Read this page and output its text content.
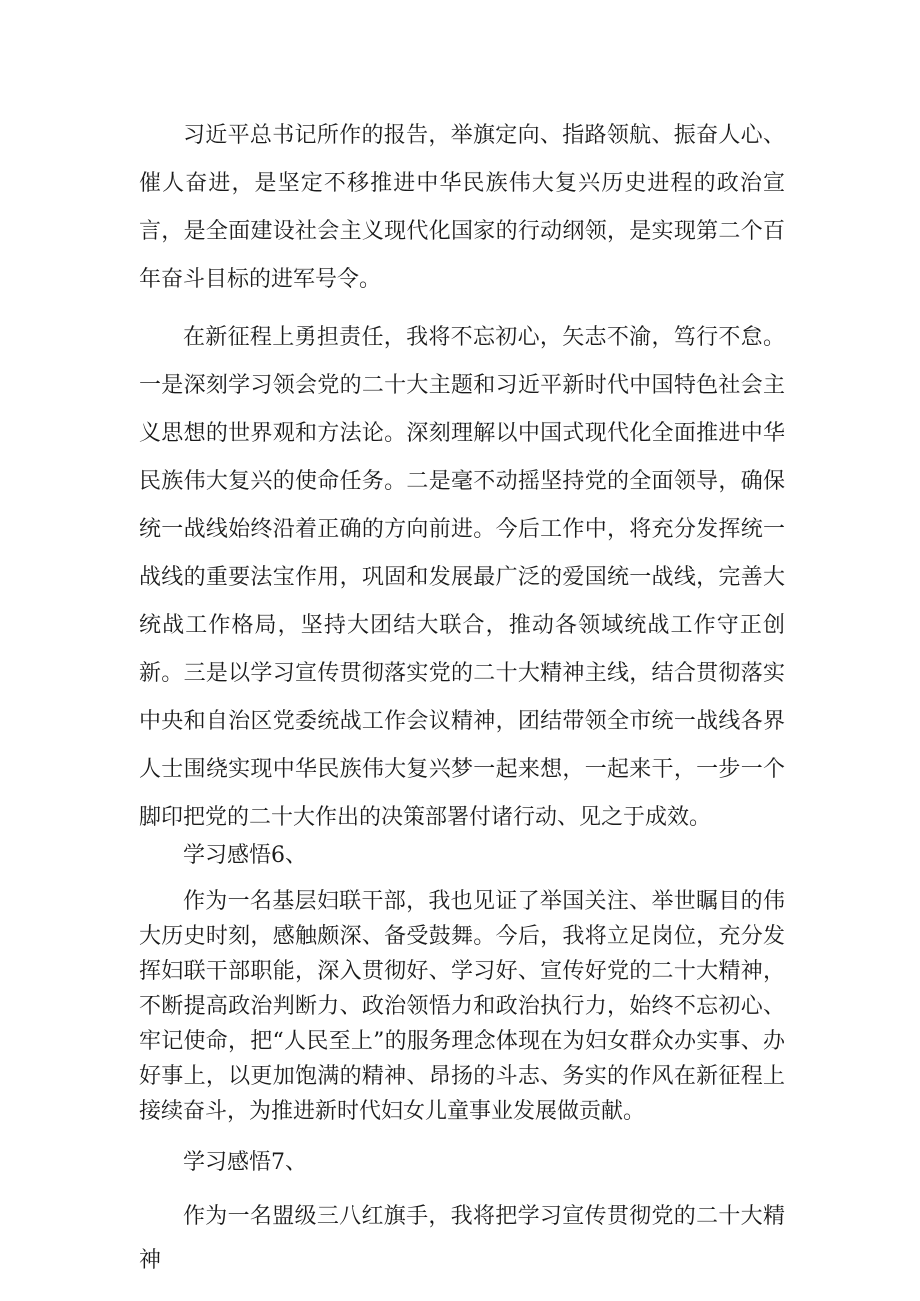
习近平总书记所作的报告，举旗定向、指路领航、振奋人心、催人奋进，是坚定不移推进中华民族伟大复兴历史进程的政治宣言，是全面建设社会主义现代化国家的行动纲领，是实现第二个百年奋斗目标的进军号令。

在新征程上勇担责任，我将不忘初心，矢志不渝，笃行不怠。一是深刻学习领会党的二十大主题和习近平新时代中国特色社会主义思想的世界观和方法论。深刻理解以中国式现代化全面推进中华民族伟大复兴的使命任务。二是毫不动摇坚持党的全面领导，确保统一战线始终沿着正确的方向前进。今后工作中，将充分发挥统一战线的重要法宝作用，巩固和发展最广泛的爱国统一战线，完善大统战工作格局，坚持大团结大联合，推动各领域统战工作守正创新。三是以学习宣传贯彻落实党的二十大精神主线，结合贯彻落实中央和自治区党委统战工作会议精神，团结带领全市统一战线各界人士围绕实现中华民族伟大复兴梦一起来想，一起来干，一步一个脚印把党的二十大作出的决策部署付诸行动、见之于成效。

学习感悟6、

作为一名基层妇联干部，我也见证了举国关注、举世瞩目的伟大历史时刻，感触颇深、备受鼓舞。今后，我将立足岗位，充分发挥妇联干部职能，深入贯彻好、学习好、宣传好党的二十大精神，不断提高政治判断力、政治领悟力和政治执行力，始终不忘初心、牢记使命，把“人民至上”的服务理念体现在为妇女群众办实事、办好事上，以更加饱满的精神、昂扬的斗志、务实的作风在新征程上接续奋斗，为推进新时代妇女儿童事业发展做贡献。

学习感悟7、

作为一名盟级三八红旗手，我将把学习宣传贯彻党的二十大精神
